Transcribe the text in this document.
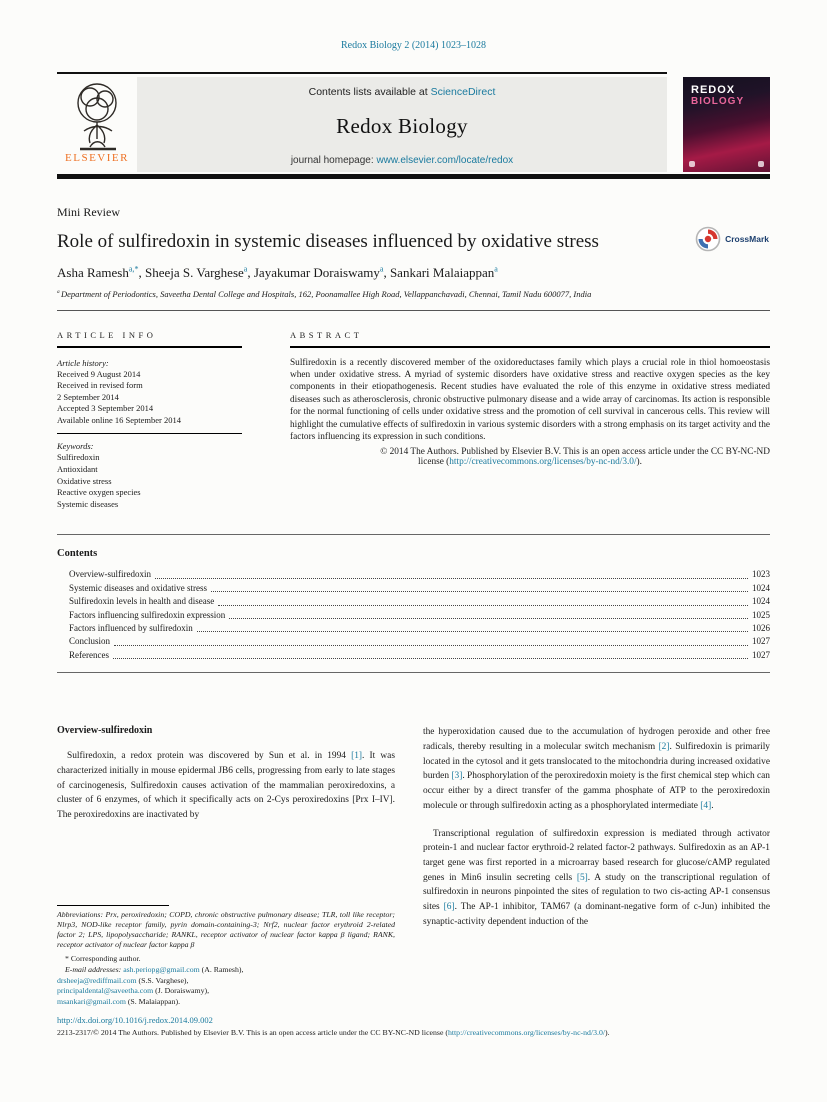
Redox Biology 2 (2014) 1023–1028
ELSEVIER
Contents lists available at ScienceDirect
Redox Biology
journal homepage: www.elsevier.com/locate/redox
REDOX
BIOLOGY
Mini Review
Role of sulfiredoxin in systemic diseases influenced by oxidative stress	CrossMark
Asha Ramesh$^{a,*}$, Sheeja S. Varghese$^a$, Jayakumar Doraiswamy$^a$, Sankari Malaiappan$^a$
$^a$ Department of Periodontics, Saveetha Dental College and Hospitals, 162, Poonamallee High Road, Vellappanchavadi, Chennai, Tamil Nadu 600077, India
ARTICLE INFO
Article history:
Received 9 August 2014
Received in revised form
2 September 2014
Accepted 3 September 2014
Available online 16 September 2014
Keywords:
Sulfiredoxin
Antioxidant
Oxidative stress
Reactive oxygen species
Systemic diseases
ABSTRACT
Sulfiredoxin is a recently discovered member of the oxidoreductases family which plays a crucial role in thiol homoeostasis when under oxidative stress. A myriad of systemic disorders have oxidative stress and reactive oxygen species as the key components in their etiopathogenesis. Recent studies have evaluated the role of this enzyme in oxidative stress mediated diseases such as atherosclerosis, chronic obstructive pulmonary disease and a wide array of carcinomas. Its action is responsible for the normal functioning of cells under oxidative stress and the promotion of cell survival in cancerous cells. This review will highlight the cumulative effects of sulfiredoxin in various systemic disorders with a strong emphasis on its target activity and the factors influencing its expression in such conditions.
© 2014 The Authors. Published by Elsevier B.V. This is an open access article under the CC BY-NC-ND
license (http://creativecommons.org/licenses/by-nc-nd/3.0/).
Contents
Overview-sulfiredoxin	1023
Systemic diseases and oxidative stress	1024
Sulfiredoxin levels in health and disease	1024
Factors influencing sulfiredoxin expression	1025
Factors influenced by sulfiredoxin	1026
Conclusion	1027
References	1027
Overview-sulfiredoxin
Sulfiredoxin, a redox protein was discovered by Sun et al. in 1994 [1]. It was characterized initially in mouse epidermal JB6 cells, progressing from early to late stages of carcinogenesis, Sulfiredoxin causes activation of the mammalian peroxiredoxins, a cluster of 6 enzymes, of which it specifically acts on 2-Cys peroxiredoxins [Prx I–IV]. The peroxiredoxins are inactivated by
Abbreviations: Prx, peroxiredoxin; COPD, chronic obstructive pulmonary disease; TLR, toll like receptor; Nlrp3, NOD-like receptor family, pyrin domain-containing-3; Nrf2, nuclear factor erythroid 2-related factor 2; LPS, lipopolysaccharide; RANKL, receptor activator of nuclear factor kappa β ligand; RANK, receptor activator of nuclear factor kappa β
* Corresponding author.
E-mail addresses: ash.periopg@gmail.com (A. Ramesh),
drsheeja@rediffmail.com (S.S. Varghese),
principaldental@saveetha.com (J. Doraiswamy),
msankari@gmail.com (S. Malaiappan).
the hyperoxidation caused due to the accumulation of hydrogen peroxide and other free radicals, thereby resulting in a molecular switch mechanism [2]. Sulfiredoxin is primarily located in the cytosol and it gets translocated to the mitochondria during increased oxidative burden [3]. Phosphorylation of the peroxiredoxin moiety is the first chemical step which can occur either by a direct transfer of the gamma phosphate of ATP to the peroxiredoxin molecule or through sulfiredoxin acting as a phosphorylated intermediate [4].
Transcriptional regulation of sulfiredoxin expression is mediated through activator protein-1 and nuclear factor erythroid-2 related factor-2 pathways. Sulfiredoxin as an AP-1 target gene was first reported in a microarray based research for glucose/cAMP regulated genes in Min6 insulin secreting cells [5]. A study on the transcriptional regulation of sulfiredoxin in neurons pinpointed the sites of regulation to two cis-acting AP-1 consensus sites [6]. The AP-1 inhibitor, TAM67 (a dominant-negative form of c-Jun) inhibited the synaptic-activity dependent induction of the
http://dx.doi.org/10.1016/j.redox.2014.09.002
2213-2317/© 2014 The Authors. Published by Elsevier B.V. This is an open access article under the CC BY-NC-ND license (http://creativecommons.org/licenses/by-nc-nd/3.0/).
